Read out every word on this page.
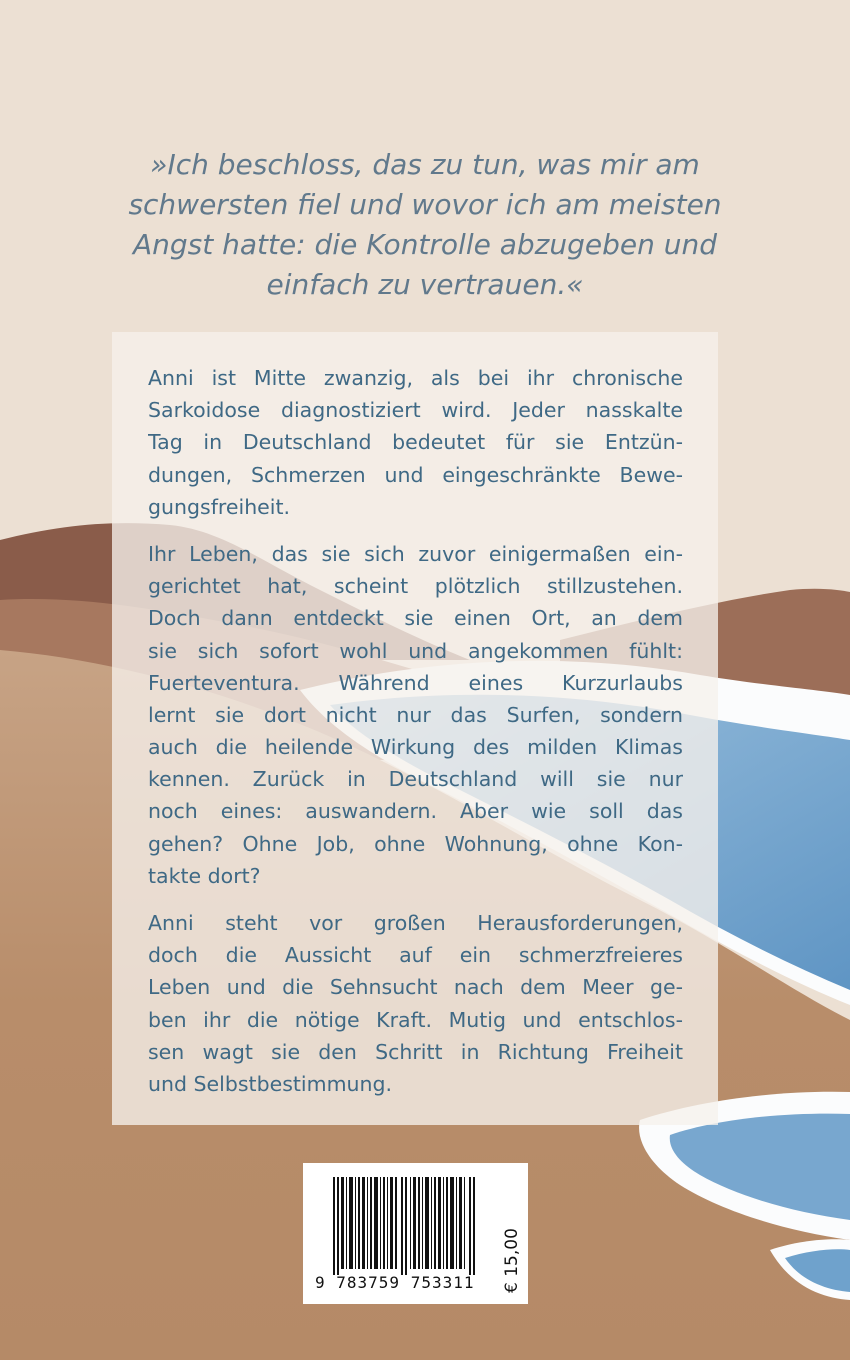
»Ich beschloss, das zu tun, was mir am
schwersten fiel und wovor ich am meisten
Angst hatte: die Kontrolle abzugeben und
einfach zu vertrauen.«

Anni ist Mitte zwanzig, als bei ihr chronische
Sarkoidose diagnostiziert wird. Jeder nasskalte
Tag in Deutschland bedeutet für sie Entzün-
dungen, Schmerzen und eingeschränkte Bewe-
gungsfreiheit.

Ihr Leben, das sie sich zuvor einigermaßen ein-
gerichtet hat, scheint plötzlich stillzustehen.
Doch dann entdeckt sie einen Ort, an dem
sie sich sofort wohl und angekommen fühlt:
Fuerteventura. Während eines Kurzurlaubs
lernt sie dort nicht nur das Surfen, sondern
auch die heilende Wirkung des milden Klimas
kennen. Zurück in Deutschland will sie nur
noch eines: auswandern. Aber wie soll das
gehen? Ohne Job, ohne Wohnung, ohne Kon-
takte dort?

Anni steht vor großen Herausforderungen,
doch die Aussicht auf ein schmerzfreieres
Leben und die Sehnsucht nach dem Meer ge-
ben ihr die nötige Kraft. Mutig und entschlos-
sen wagt sie den Schritt in Richtung Freiheit
und Selbstbestimmung.

9 783759 753311	€ 15,00
